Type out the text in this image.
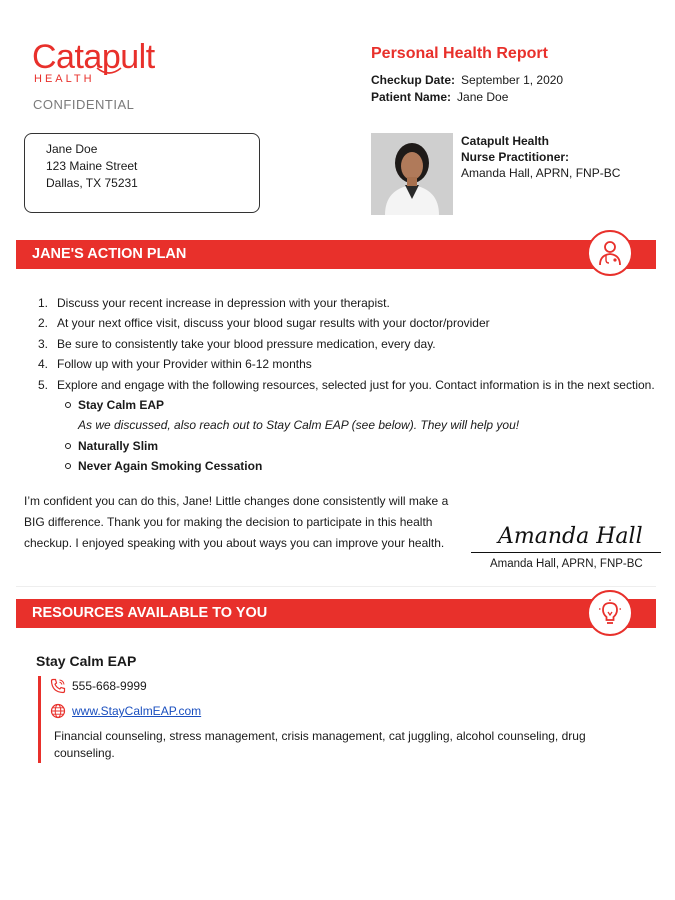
Catapult
HEALTH
CONFIDENTIAL
Personal Health Report
Checkup Date: September 1, 2020
Patient Name: Jane Doe
Jane Doe
123 Maine Street
Dallas, TX 75231
Catapult Health
Nurse Practitioner:
Amanda Hall, APRN, FNP-BC
JANE'S ACTION PLAN
1. Discuss your recent increase in depression with your therapist.
2. At your next office visit, discuss your blood sugar results with your doctor/provider
3. Be sure to consistently take your blood pressure medication, every day.
4. Follow up with your Provider within 6-12 months
5. Explore and engage with the following resources, selected just for you. Contact information is in the next section.
Stay Calm EAP
As we discussed, also reach out to Stay Calm EAP (see below). They will help you!
Naturally Slim
Never Again Smoking Cessation
I’m confident you can do this, Jane! Little changes done consistently will make a BIG difference. Thank you for making the decision to participate in this health checkup. I enjoyed speaking with you about ways you can improve your health.	Amanda Hall
Amanda Hall, APRN, FNP-BC
RESOURCES AVAILABLE TO YOU
Stay Calm EAP
555-668-9999
www.StayCalmEAP.com
Financial counseling, stress management, crisis management, cat juggling, alcohol counseling, drug counseling.
